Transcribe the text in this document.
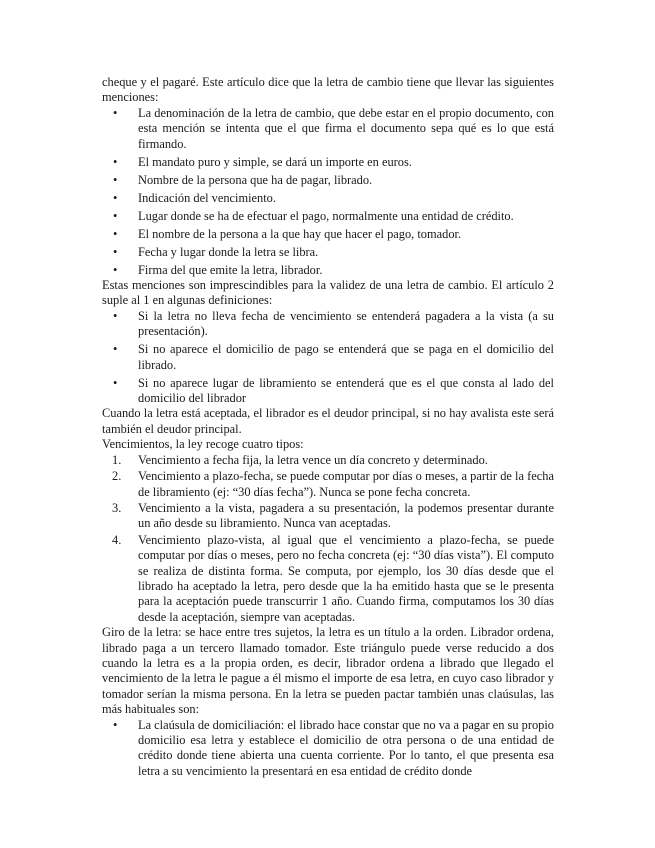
cheque y el pagaré. Este artículo dice que la letra de cambio tiene que llevar las siguientes menciones:

•	La denominación de la letra de cambio, que debe estar en el propio documento, con esta mención se intenta que el que firma el documento sepa qué es lo que está firmando.
•	El mandato puro y simple, se dará un importe en euros.
•	Nombre de la persona que ha de pagar, librado.
•	Indicación del vencimiento.
•	Lugar donde se ha de efectuar el pago, normalmente una entidad de crédito.
•	El nombre de la persona a la que hay que hacer el pago, tomador.
•	Fecha y lugar donde la letra se libra.
•	Firma del que emite la letra, librador.

Estas menciones son imprescindibles para la validez de una letra de cambio. El artículo 2 suple al 1 en algunas definiciones:

•	Si la letra no lleva fecha de vencimiento se entenderá pagadera a la vista (a su presentación).
•	Si no aparece el domicilio de pago se entenderá que se paga en el domicilio del librado.
•	Si no aparece lugar de libramiento se entenderá que es el que consta al lado del domicilio del librador

Cuando la letra está aceptada, el librador es el deudor principal, si no hay avalista este será también el deudor principal.

Vencimientos, la ley recoge cuatro tipos:

1.	Vencimiento a fecha fija, la letra vence un día concreto y determinado.
2.	Vencimiento a plazo-fecha, se puede computar por días o meses, a partir de la fecha de libramiento (ej: “30 días fecha”). Nunca se pone fecha concreta.
3.	Vencimiento a la vista, pagadera a su presentación, la podemos presentar durante un año desde su libramiento. Nunca van aceptadas.
4.	Vencimiento plazo-vista, al igual que el vencimiento a plazo-fecha, se puede computar por días o meses, pero no fecha concreta (ej: “30 días vista”). El computo se realiza de distinta forma. Se computa, por ejemplo, los 30 días desde que el librado ha aceptado la letra, pero desde que la ha emitido hasta que se le presenta para la aceptación puede transcurrir 1 año. Cuando firma, computamos los 30 días desde la aceptación, siempre van aceptadas.

Giro de la letra: se hace entre tres sujetos, la letra es un título a la orden. Librador ordena, librado paga a un tercero llamado tomador. Este triángulo puede verse reducido a dos cuando la letra es a la propia orden, es decir, librador ordena a librado que llegado el vencimiento de la letra le pague a él mismo el importe de esa letra, en cuyo caso librador y tomador serían la misma persona. En la letra se pueden pactar también unas claúsulas, las más habituales son:

•	La claúsula de domiciliación: el librado hace constar que no va a pagar en su propio domicilio esa letra y establece el domicilio de otra persona o de una entidad de crédito donde tiene abierta una cuenta corriente. Por lo tanto, el que presenta esa letra a su vencimiento la presentará en esa entidad de crédito donde
